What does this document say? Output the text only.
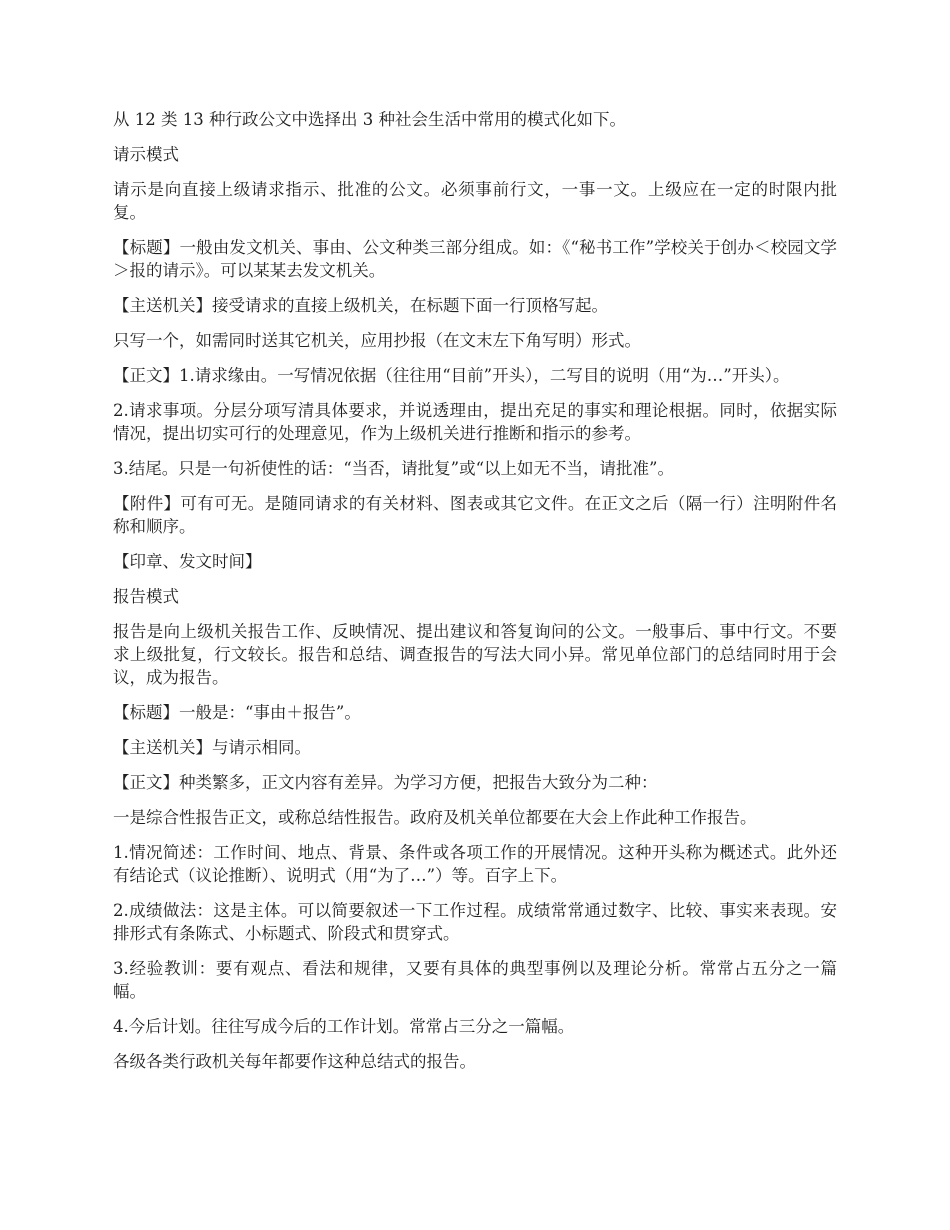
从 12 类 13 种行政公文中选择出 3 种社会生活中常用的模式化如下。

请示模式

请示是向直接上级请求指示、批准的公文。必须事前行文，一事一文。上级应在一定的时限内批复。

【标题】一般由发文机关、事由、公文种类三部分组成。如：《“秘书工作”学校关于创办＜校园文学＞报的请示》。可以某某去发文机关。

【主送机关】接受请求的直接上级机关，在标题下面一行顶格写起。

只写一个，如需同时送其它机关，应用抄报（在文末左下角写明）形式。

【正文】1.请求缘由。一写情况依据（往往用“目前”开头），二写目的说明（用“为…”开头）。

2.请求事项。分层分项写清具体要求，并说透理由，提出充足的事实和理论根据。同时，依据实际情况，提出切实可行的处理意见，作为上级机关进行推断和指示的参考。

3.结尾。只是一句祈使性的话：“当否，请批复”或“以上如无不当，请批准”。

【附件】可有可无。是随同请求的有关材料、图表或其它文件。在正文之后（隔一行）注明附件名称和顺序。

【印章、发文时间】

报告模式

报告是向上级机关报告工作、反映情况、提出建议和答复询问的公文。一般事后、事中行文。不要求上级批复，行文较长。报告和总结、调查报告的写法大同小异。常见单位部门的总结同时用于会议，成为报告。

【标题】一般是：“事由＋报告”。

【主送机关】与请示相同。

【正文】种类繁多，正文内容有差异。为学习方便，把报告大致分为二种：

一是综合性报告正文，或称总结性报告。政府及机关单位都要在大会上作此种工作报告。

1.情况简述：工作时间、地点、背景、条件或各项工作的开展情况。这种开头称为概述式。此外还有结论式（议论推断）、说明式（用“为了…”）等。百字上下。

2.成绩做法：这是主体。可以简要叙述一下工作过程。成绩常常通过数字、比较、事实来表现。安排形式有条陈式、小标题式、阶段式和贯穿式。

3.经验教训：要有观点、看法和规律，又要有具体的典型事例以及理论分析。常常占五分之一篇幅。

4.今后计划。往往写成今后的工作计划。常常占三分之一篇幅。

各级各类行政机关每年都要作这种总结式的报告。
